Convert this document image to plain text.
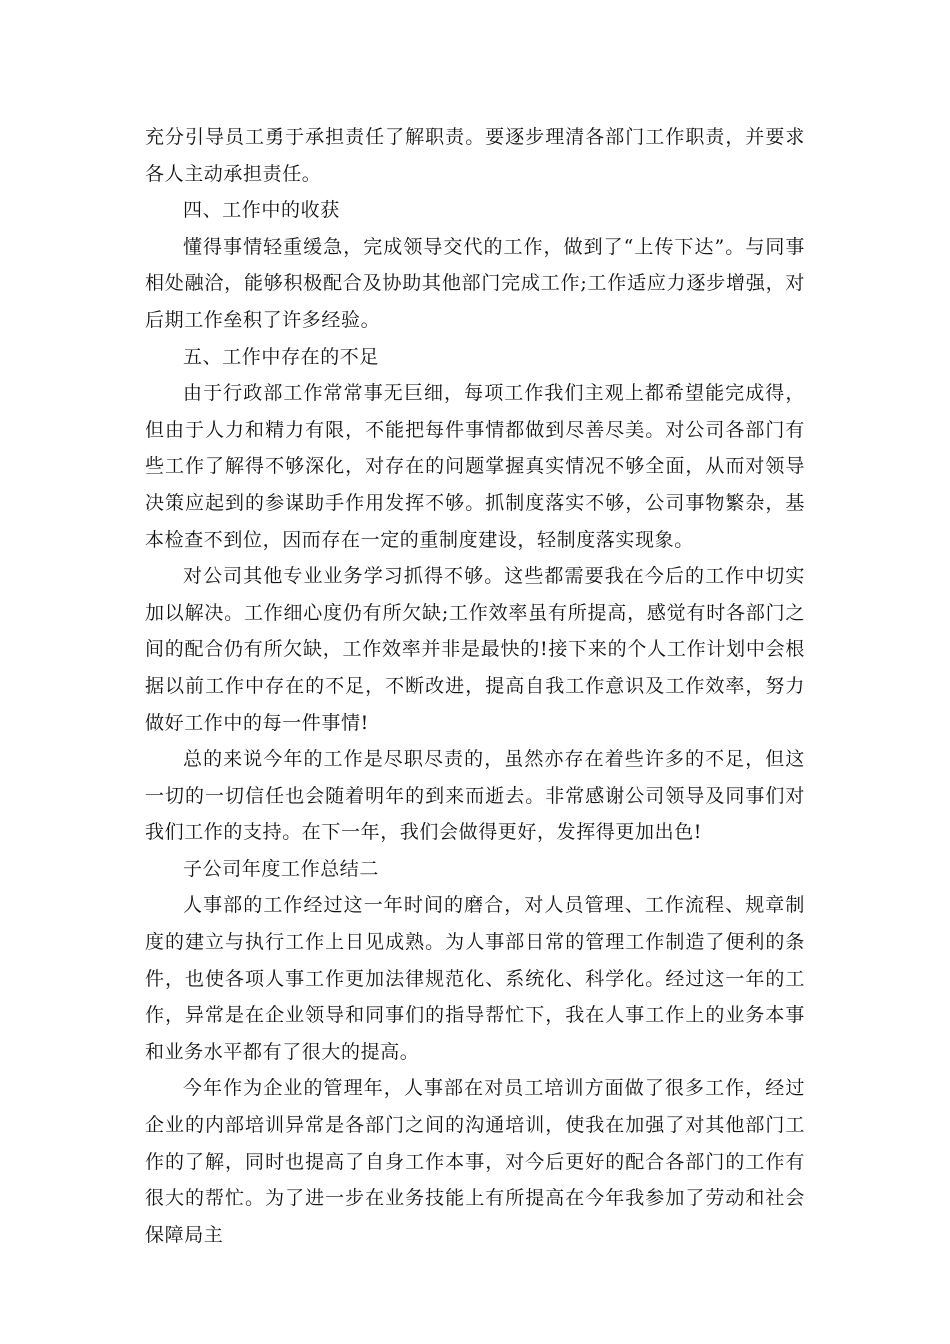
充分引导员工勇于承担责任了解职责。要逐步理清各部门工作职责，并要求各人主动承担责任。

四、工作中的收获

懂得事情轻重缓急，完成领导交代的工作，做到了“上传下达”。与同事相处融洽，能够积极配合及协助其他部门完成工作;工作适应力逐步增强，对后期工作垒积了许多经验。

五、工作中存在的不足

由于行政部工作常常事无巨细，每项工作我们主观上都希望能完成得，但由于人力和精力有限，不能把每件事情都做到尽善尽美。对公司各部门有些工作了解得不够深化，对存在的问题掌握真实情况不够全面，从而对领导决策应起到的参谋助手作用发挥不够。抓制度落实不够，公司事物繁杂，基本检查不到位，因而存在一定的重制度建设，轻制度落实现象。

对公司其他专业业务学习抓得不够。这些都需要我在今后的工作中切实加以解决。工作细心度仍有所欠缺;工作效率虽有所提高，感觉有时各部门之间的配合仍有所欠缺，工作效率并非是最快的!接下来的个人工作计划中会根据以前工作中存在的不足，不断改进，提高自我工作意识及工作效率，努力做好工作中的每一件事情!

总的来说今年的工作是尽职尽责的，虽然亦存在着些许多的不足，但这一切的一切信任也会随着明年的到来而逝去。非常感谢公司领导及同事们对我们工作的支持。在下一年，我们会做得更好，发挥得更加出色!

子公司年度工作总结二

人事部的工作经过这一年时间的磨合，对人员管理、工作流程、规章制度的建立与执行工作上日见成熟。为人事部日常的管理工作制造了便利的条件，也使各项人事工作更加法律规范化、系统化、科学化。经过这一年的工作，异常是在企业领导和同事们的指导帮忙下，我在人事工作上的业务本事和业务水平都有了很大的提高。

今年作为企业的管理年，人事部在对员工培训方面做了很多工作，经过企业的内部培训异常是各部门之间的沟通培训，使我在加强了对其他部门工作的了解，同时也提高了自身工作本事，对今后更好的配合各部门的工作有很大的帮忙。为了进一步在业务技能上有所提高在今年我参加了劳动和社会保障局主
